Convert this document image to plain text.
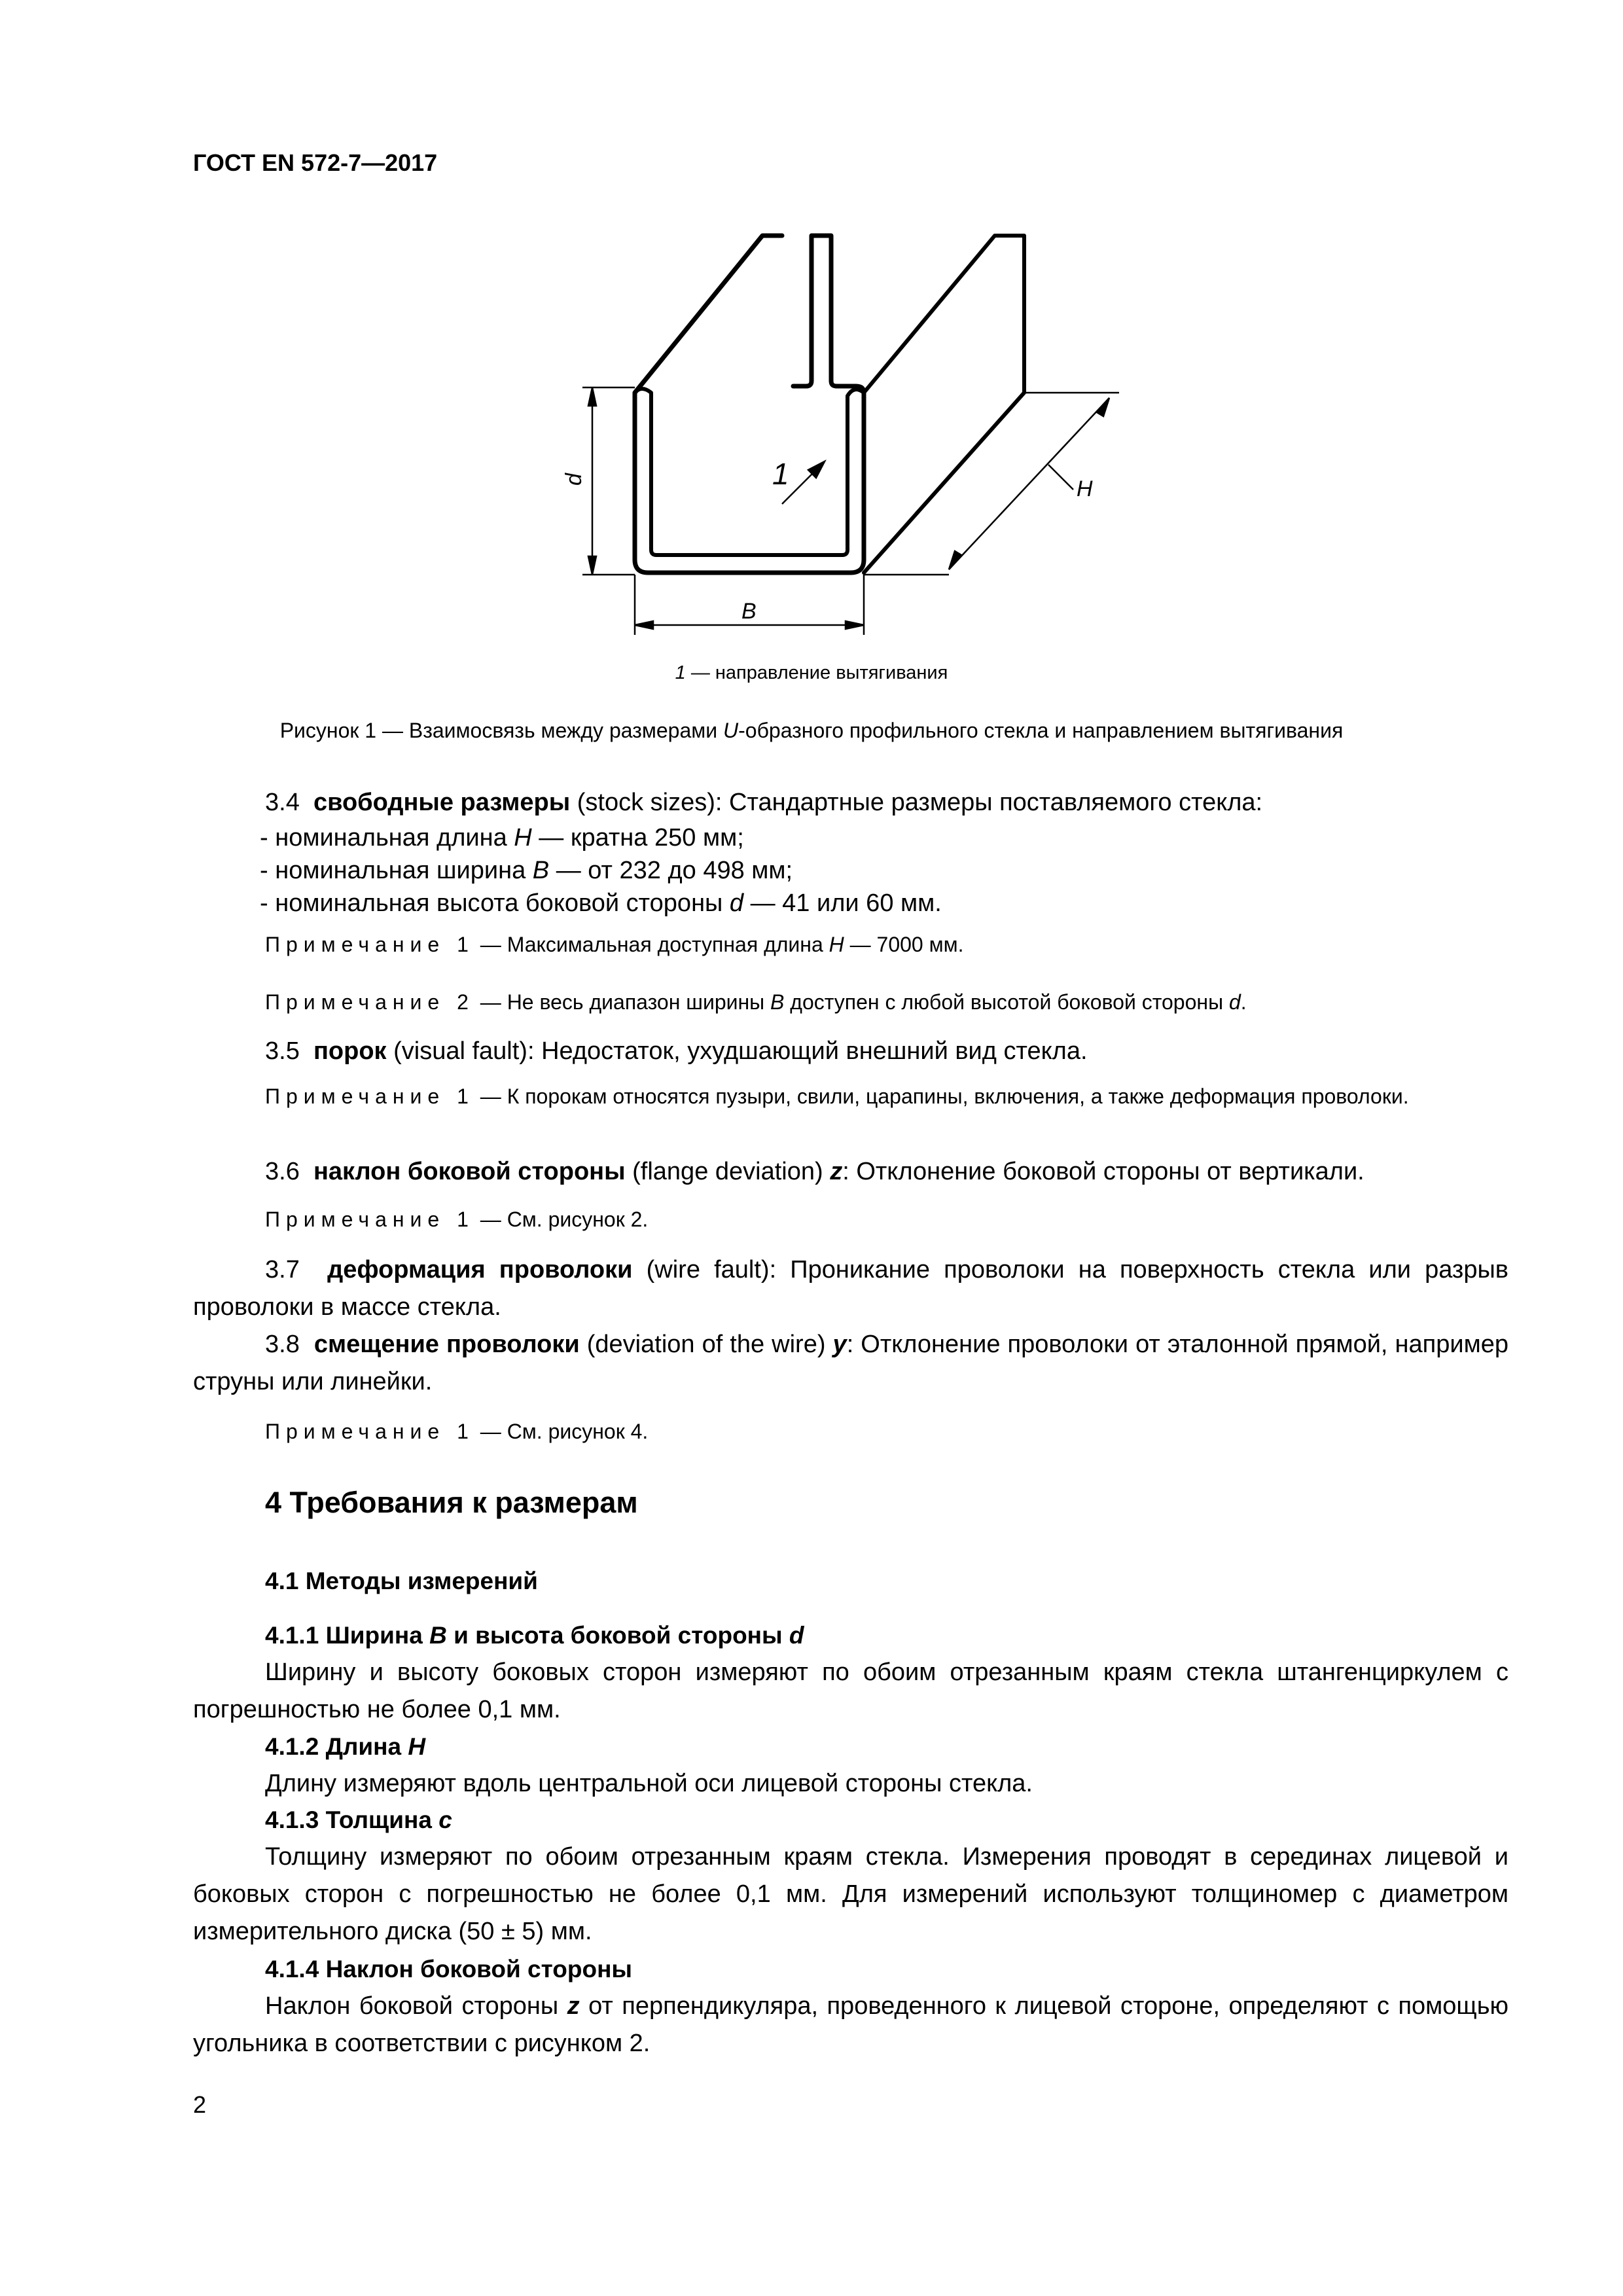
ГОСТ EN 572-7—2017
1
d
B
H
1 — направление вытягивания
Рисунок 1 — Взаимосвязь между размерами U-образного профильного стекла и направлением вытягивания
3.4 свободные размеры (stock sizes): Стандартные размеры поставляемого стекла:
- номинальная длина H — кратна 250 мм;
- номинальная ширина B — от 232 до 498 мм;
- номинальная высота боковой стороны d — 41 или 60 мм.
Примечание 1 — Максимальная доступная длина H — 7000 мм.
Примечание 2 — Не весь диапазон ширины B доступен с любой высотой боковой стороны d.
3.5 порок (visual fault): Недостаток, ухудшающий внешний вид стекла.
Примечание 1 — К порокам относятся пузыри, свили, царапины, включения, а также деформация проволоки.
3.6 наклон боковой стороны (flange deviation) z: Отклонение боковой стороны от вертикали.
Примечание 1 — См. рисунок 2.
3.7 деформация проволоки (wire fault): Проникание проволоки на поверхность стекла или разрыв проволоки в массе стекла.
3.8 смещение проволоки (deviation of the wire) y: Отклонение проволоки от эталонной прямой, например струны или линейки.
Примечание 1 — См. рисунок 4.
4 Требования к размерам
4.1 Методы измерений
4.1.1 Ширина B и высота боковой стороны d
Ширину и высоту боковых сторон измеряют по обоим отрезанным краям стекла штангенциркулем с погрешностью не более 0,1 мм.
4.1.2 Длина H
Длину измеряют вдоль центральной оси лицевой стороны стекла.
4.1.3 Толщина c
Толщину измеряют по обоим отрезанным краям стекла. Измерения проводят в серединах лицевой и боковых сторон с погрешностью не более 0,1 мм. Для измерений используют толщиномер с диаметром измерительного диска (50 ± 5) мм.
4.1.4 Наклон боковой стороны
Наклон боковой стороны z от перпендикуляра, проведенного к лицевой стороне, определяют с помощью угольника в соответствии с рисунком 2.
2
